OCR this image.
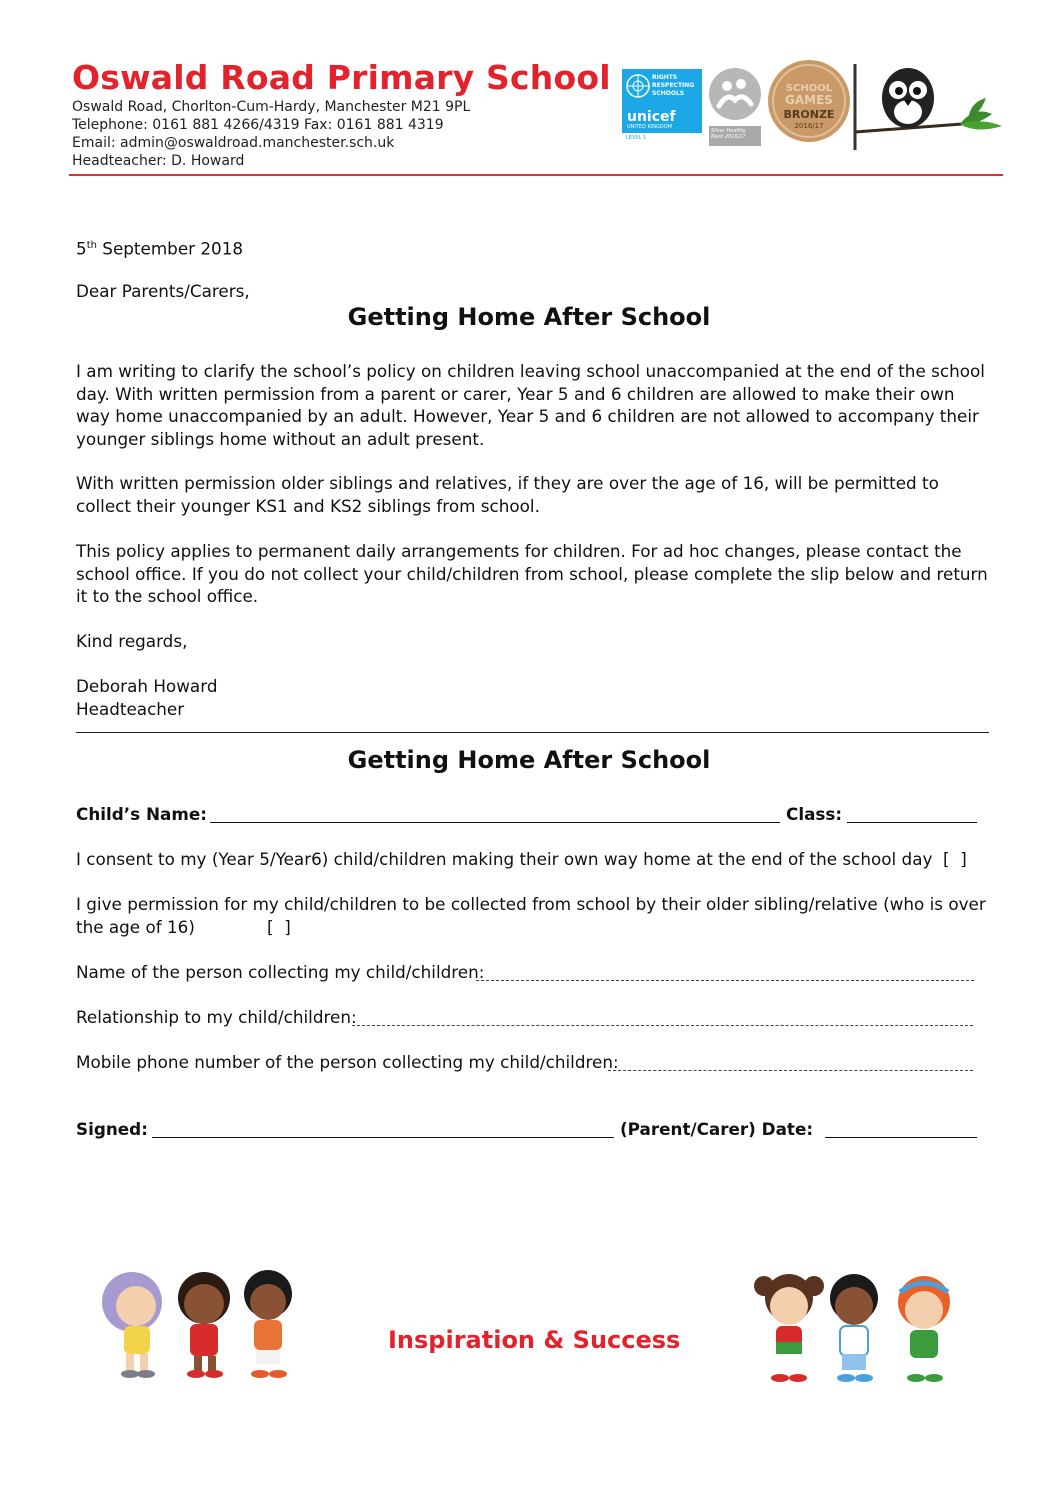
Oswald Road Primary School
Oswald Road, Chorlton-Cum-Hardy, Manchester M21 9PL
Telephone: 0161 881 4266/4319 Fax: 0161 881 4319
Email: admin@oswaldroad.manchester.sch.uk
Headteacher: D. Howard
RIGHTS
RESPECTING
SCHOOLS
unicef
UNITED KINGDOM
LEVEL 1
Silver Healthy Mark 2016/17
SCHOOL
GAMES
BRONZE
2016/17

5th September 2018

Dear Parents/Carers,

Getting Home After School

I am writing to clarify the school’s policy on children leaving school unaccompanied at the end of the school day. With written permission from a parent or carer, Year 5 and 6 children are allowed to make their own way home unaccompanied by an adult. However, Year 5 and 6 children are not allowed to accompany their younger siblings home without an adult present.

With written permission older siblings and relatives, if they are over the age of 16, will be permitted to collect their younger KS1 and KS2 siblings from school.

This policy applies to permanent daily arrangements for children. For ad hoc changes, please contact the school office. If you do not collect your child/children from school, please complete the slip below and return it to the school office.

Kind regards,

Deborah Howard

Headteacher

Getting Home After School

Child’s Name:	Class:

I consent to my (Year 5/Year6) child/children making their own way home at the end of the school day [  ]

I give permission for my child/children to be collected from school by their older sibling/relative (who is over

the age of 16)	[  ]

Name of the person collecting my child/children:

Relationship to my child/children:

Mobile phone number of the person collecting my child/children:

Signed:	(Parent/Carer) Date:

Inspiration & Success
